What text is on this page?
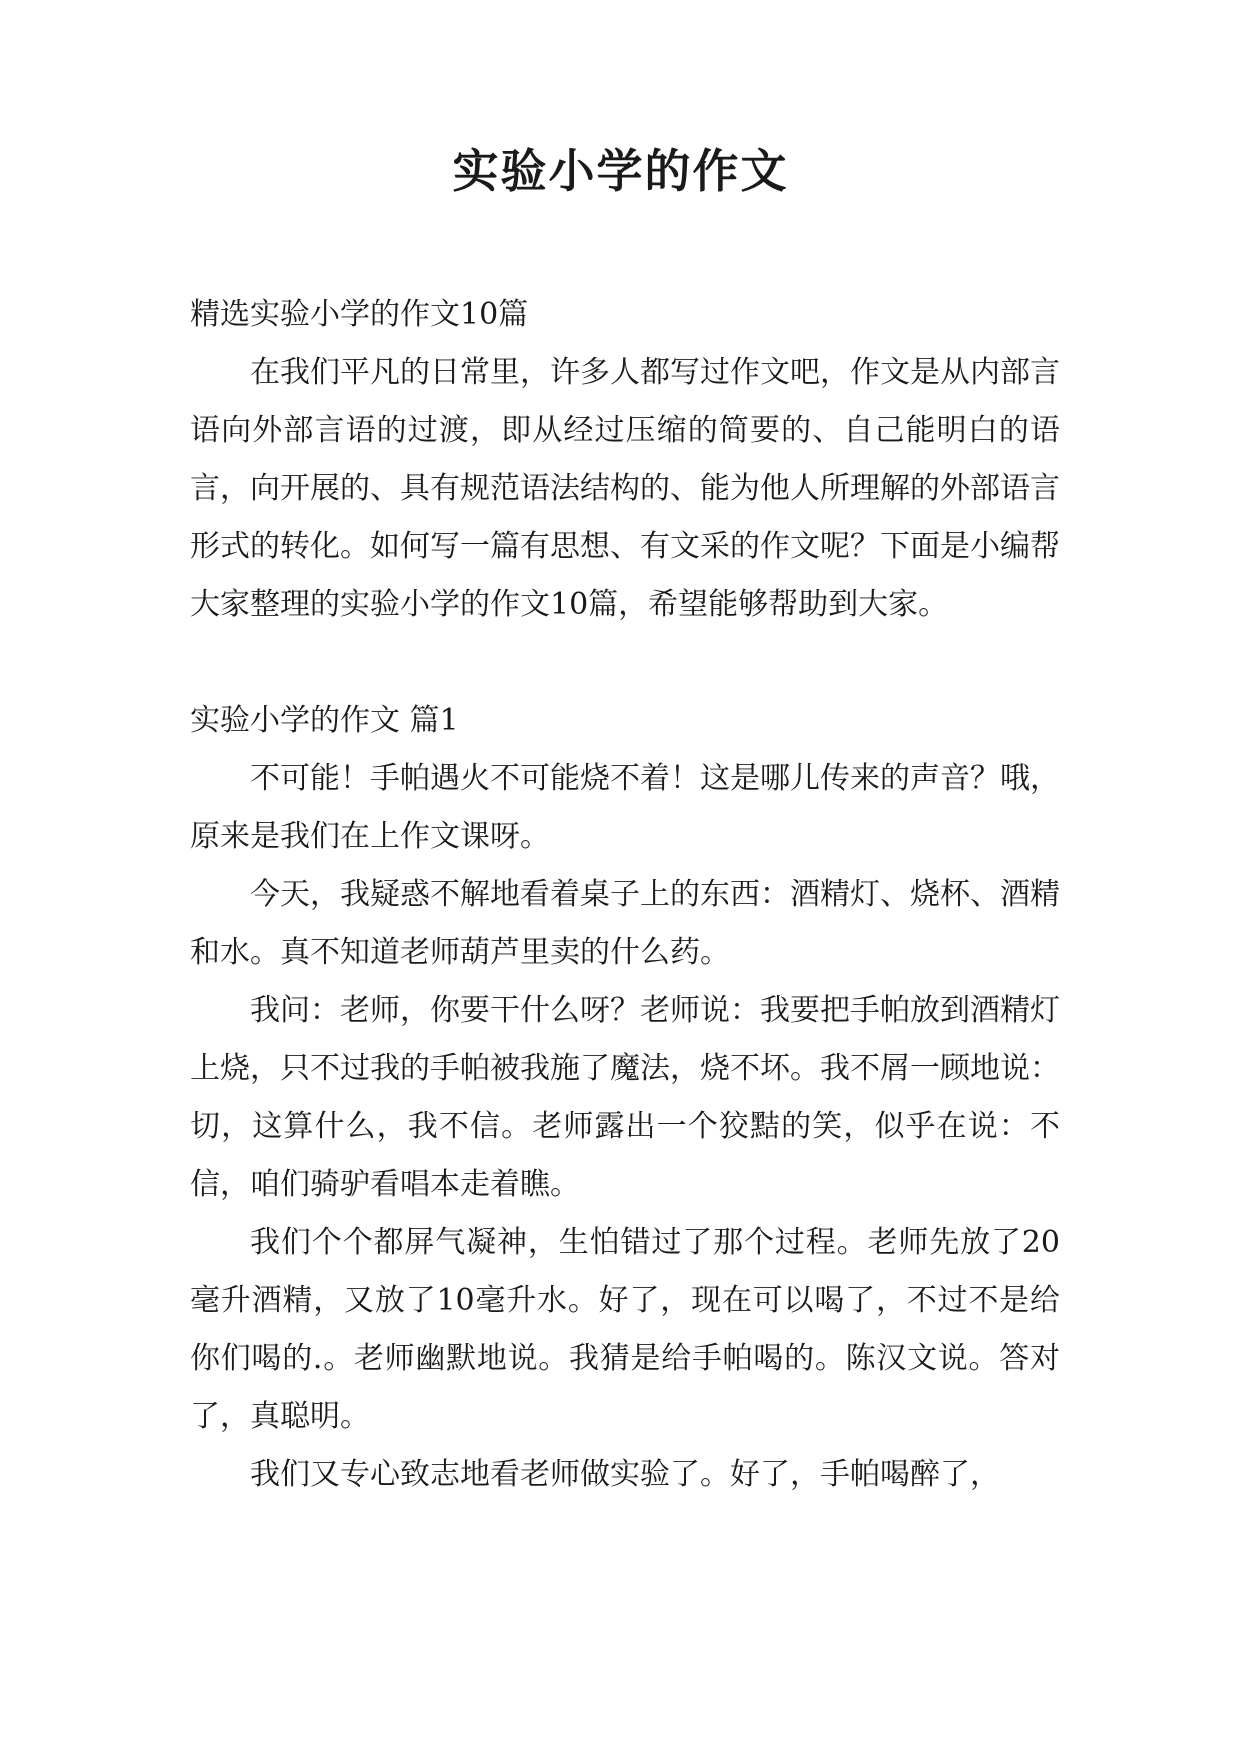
实验小学的作文

精选实验小学的作文10篇

在我们平凡的日常里，许多人都写过作文吧，作文是从内部言语向外部言语的过渡，即从经过压缩的简要的、自己能明白的语言，向开展的、具有规范语法结构的、能为他人所理解的外部语言形式的转化。如何写一篇有思想、有文采的作文呢？下面是小编帮大家整理的实验小学的作文10篇，希望能够帮助到大家。

实验小学的作文 篇1

不可能！手帕遇火不可能烧不着！这是哪儿传来的声音？哦，原来是我们在上作文课呀。

今天，我疑惑不解地看着桌子上的东西：酒精灯、烧杯、酒精和水。真不知道老师葫芦里卖的什么药。

我问：老师，你要干什么呀？老师说：我要把手帕放到酒精灯上烧，只不过我的手帕被我施了魔法，烧不坏。我不屑一顾地说：切，这算什么，我不信。老师露出一个狡黠的笑，似乎在说：不信，咱们骑驴看唱本走着瞧。

我们个个都屏气凝神，生怕错过了那个过程。老师先放了20毫升酒精，又放了10毫升水。好了，现在可以喝了，不过不是给你们喝的.。老师幽默地说。我猜是给手帕喝的。陈汉文说。答对了，真聪明。

我们又专心致志地看老师做实验了。好了，手帕喝醉了，
